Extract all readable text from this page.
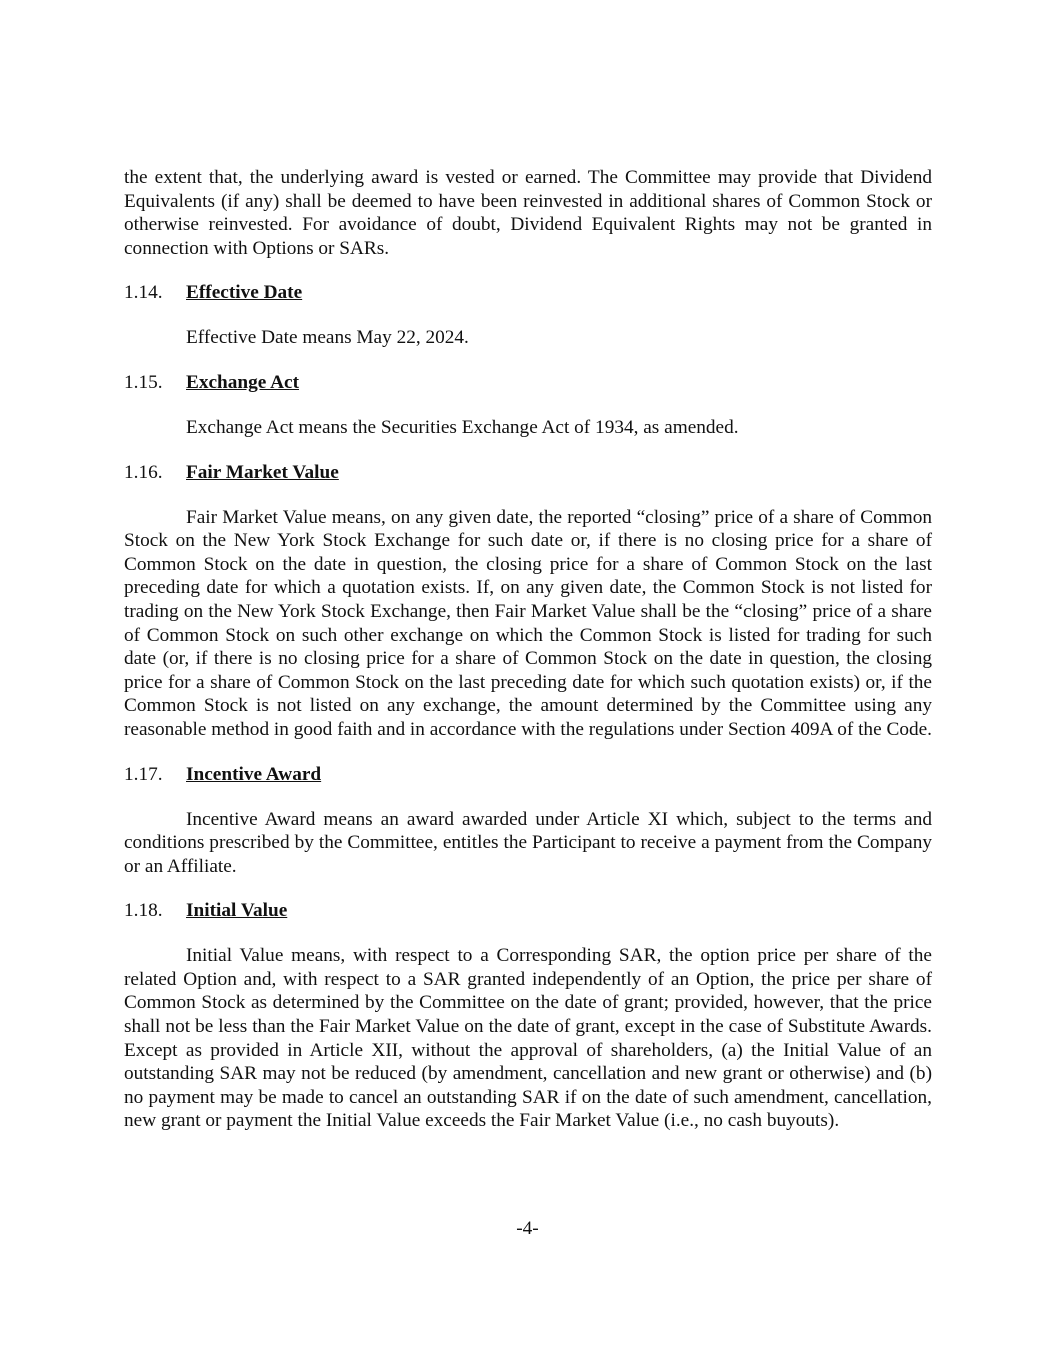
the extent that, the underlying award is vested or earned. The Committee may provide that Dividend Equivalents (if any) shall be deemed to have been reinvested in additional shares of Common Stock or otherwise reinvested. For avoidance of doubt, Dividend Equivalent Rights may not be granted in connection with Options or SARs.

1.14. Effective Date

Effective Date means May 22, 2024.

1.15. Exchange Act

Exchange Act means the Securities Exchange Act of 1934, as amended.

1.16. Fair Market Value

Fair Market Value means, on any given date, the reported “closing” price of a share of Common Stock on the New York Stock Exchange for such date or, if there is no closing price for a share of Common Stock on the date in question, the closing price for a share of Common Stock on the last preceding date for which a quotation exists. If, on any given date, the Common Stock is not listed for trading on the New York Stock Exchange, then Fair Market Value shall be the “closing” price of a share of Common Stock on such other exchange on which the Common Stock is listed for trading for such date (or, if there is no closing price for a share of Common Stock on the date in question, the closing price for a share of Common Stock on the last preceding date for which such quotation exists) or, if the Common Stock is not listed on any exchange, the amount determined by the Committee using any reasonable method in good faith and in accordance with the regulations under Section 409A of the Code.

1.17. Incentive Award

Incentive Award means an award awarded under Article XI which, subject to the terms and conditions prescribed by the Committee, entitles the Participant to receive a payment from the Company or an Affiliate.

1.18. Initial Value

Initial Value means, with respect to a Corresponding SAR, the option price per share of the related Option and, with respect to a SAR granted independently of an Option, the price per share of Common Stock as determined by the Committee on the date of grant; provided, however, that the price shall not be less than the Fair Market Value on the date of grant, except in the case of Substitute Awards. Except as provided in Article XII, without the approval of shareholders, (a) the Initial Value of an outstanding SAR may not be reduced (by amendment, cancellation and new grant or otherwise) and (b) no payment may be made to cancel an outstanding SAR if on the date of such amendment, cancellation, new grant or payment the Initial Value exceeds the Fair Market Value (i.e., no cash buyouts).

-4-
